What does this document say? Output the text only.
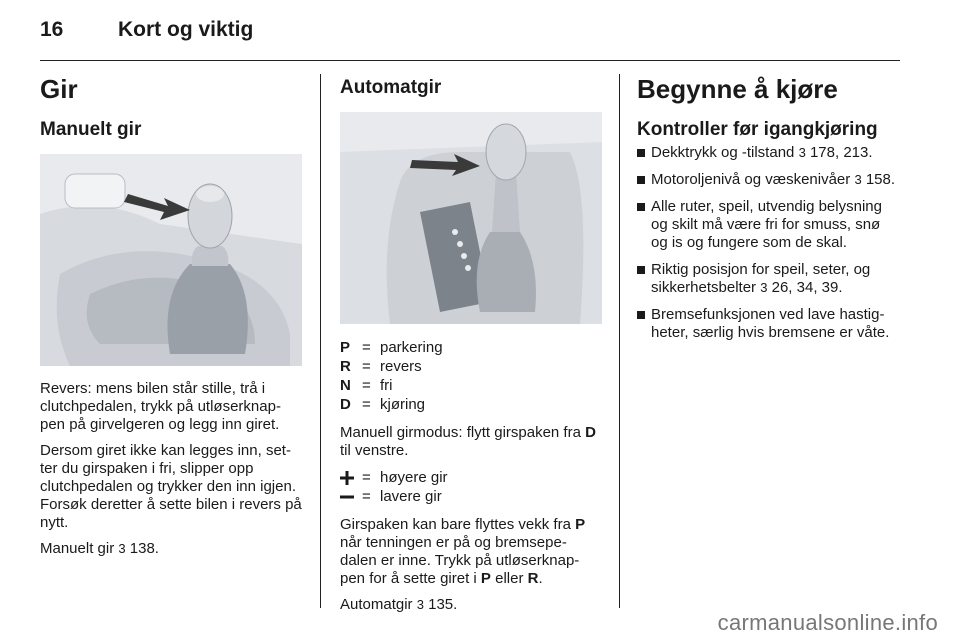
16	Kort og viktig
Gir
Manuelt gir

Revers: mens bilen står stille, trå i clutchpedalen, trykk på utløserknap-pen på girvelgeren og legg inn giret.

Dersom giret ikke kan legges inn, set-ter du girspaken i fri, slipper opp clutchpedalen og trykker den inn igjen. Forsøk deretter å sette bilen i revers på nytt.

Manuelt gir 3 138.

Automatgir
P = parkering
R = revers
N = fri
D = kjøring

Manuell girmodus: flytt girspaken fra D til venstre.

= høyere gir
= lavere gir

Girspaken kan bare flyttes vekk fra P når tenningen er på og bremsepe-dalen er inne. Trykk på utløserknap-pen for å sette giret i P eller R.

Automatgir 3 135.

Begynne å kjøre
Kontroller før igangkjøring
Dekktrykk og -tilstand 3 178, 213.
Motoroljenivå og væskenivåer 3 158.
Alle ruter, speil, utvendig belysning og skilt må være fri for smuss, snø og is og fungere som de skal.
Riktig posisjon for speil, seter, og sikkerhetsbelter 3 26, 34, 39.
Bremsefunksjonen ved lave hastig-heter, særlig hvis bremsene er våte.
carmanualsonline.info
